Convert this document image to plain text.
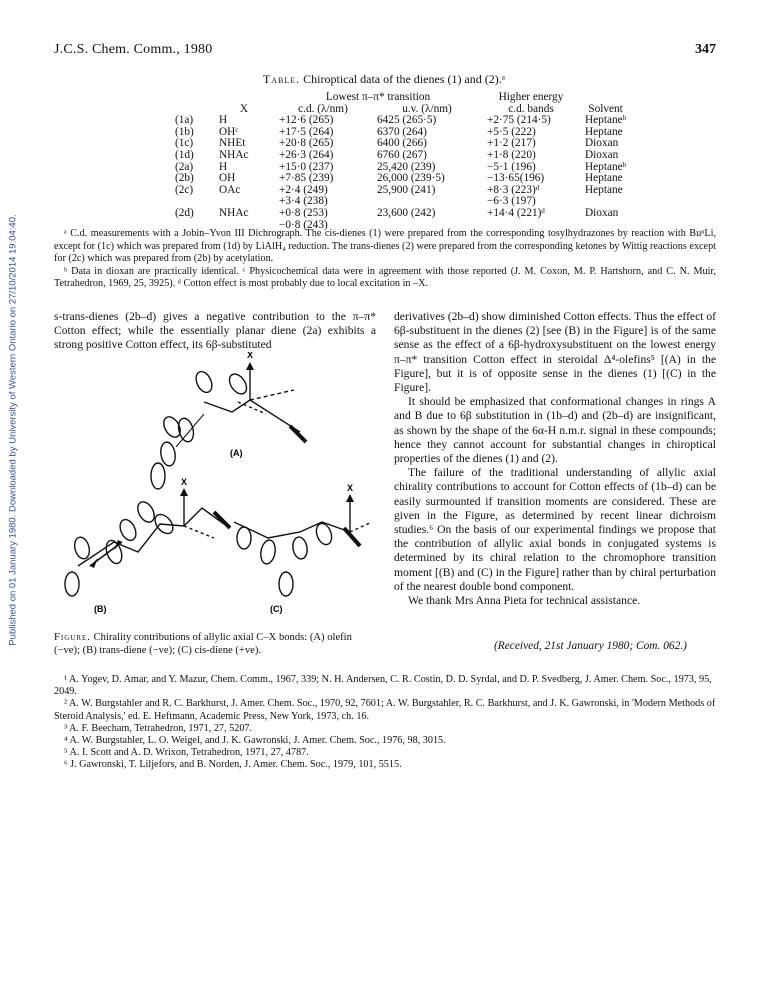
Published on 01 January 1980. Downloaded by University of Western Ontario on 27/10/2014 19:04:40.
J.C.S. Chem. Comm., 1980	347
Table. Chiroptical data of the dienes (1) and (2).ᵃ
		Lowest π–π* transition		Higher energy	
	X	c.d. (λ/nm)	u.v. (λ/nm)	c.d. bands	Solvent
(1a)	H	+12·6 (265)	6425 (265·5)	+2·75 (214·5)	Heptaneᵇ
(1b)	OHᶜ	+17·5 (264)	6370 (264)	+5·5 (222)	Heptane
(1c)	NHEt	+20·8 (265)	6400 (266)	+1·2 (217)	Dioxan
(1d)	NHAc	+26·3 (264)	6760 (267)	+1·8 (220)	Dioxan
(2a)	H	+15·0 (237)	25,420 (239)	−5·1 (196)	Heptaneᵇ
(2b)	OH	+7·85 (239)	26,000 (239·5)	−13·65(196)	Heptane
(2c)	OAc	+2·4 (249)	25,900 (241)	+8·3 (223)ᵈ	Heptane
		+3·4 (238)		−6·3 (197)	
(2d)	NHAc	+0·8 (253)	23,600 (242)	+14·4 (221)ᵈ	Dioxan
		−0·8 (243)			

ᵃ C.d. measurements with a Jobin–Yvon III Dichrograph. The cis-dienes (1) were prepared from the corresponding tosylhydrazones by reaction with BuⁿLi, except for (1c) which was prepared from (1d) by LiAlH₄ reduction. The trans-dienes (2) were prepared from the corresponding ketones by Wittig reactions except for (2c) which was prepared from (2b) by acetylation.

ᵇ Data in dioxan are practically identical. ᶜ Physicochemical data were in agreement with those reported (J. M. Coxon, M. P. Hartshorn, and C. N. Muir, Tetrahedron, 1969, 25, 3925). ᵈ Cotton effect is most probably due to local excitation in –X.

s-trans-dienes (2b–d) gives a negative contribution to the π–π* Cotton effect; while the essentially planar diene (2a) exhibits a strong positive Cotton effect, its 6β-substituted

X
X
X
(A)
(B)	(C)
Figure. Chirality contributions of allylic axial C–X bonds: (A) olefin (−ve); (B) trans-diene (−ve); (C) cis-diene (+ve).

derivatives (2b–d) show diminished Cotton effects. Thus the effect of 6β-substituent in the dienes (2) [see (B) in the Figure] is of the same sense as the effect of a 6β-hydroxysubstituent on the lowest energy π–π* transition Cotton effect in steroidal Δ⁴-olefins⁵ [(A) in the Figure], but it is of opposite sense in the dienes (1) [(C) in the Figure].

It should be emphasized that conformational changes in rings A and B due to 6β substitution in (1b–d) and (2b–d) are insignificant, as shown by the shape of the 6α-H n.m.r. signal in these compounds; hence they cannot account for substantial changes in chiroptical properties of the dienes (1) and (2).

The failure of the traditional understanding of allylic axial chirality contributions to account for Cotton effects of (1b–d) can be easily surmounted if transition moments are considered. These are given in the Figure, as determined by recent linear dichroism studies.⁶ On the basis of our experimental findings we propose that the contribution of allylic axial bonds in conjugated systems is determined by its chiral relation to the chromophore transition moment [(B) and (C) in the Figure] rather than by chiral perturbation of the nearest double bond component.

We thank Mrs Anna Pieta for technical assistance.

(Received, 21st January 1980; Com. 062.)

¹ A. Yogev, D. Amar, and Y. Mazur, Chem. Comm., 1967, 339; N. H. Andersen, C. R. Costin, D. D. Syrdal, and D. P. Svedberg, J. Amer. Chem. Soc., 1973, 95, 2049.

² A. W. Burgstahler and R. C. Barkhurst, J. Amer. Chem. Soc., 1970, 92, 7601; A. W. Burgstahler, R. C. Barkhurst, and J. K. Gawronski, in 'Modern Methods of Steroid Analysis,' ed. E. Heftmann, Academic Press, New York, 1973, ch. 16.

³ A. F. Beecham, Tetrahedron, 1971, 27, 5207.

⁴ A. W. Burgstahler, L. O. Weigel, and J. K. Gawronski, J. Amer. Chem. Soc., 1976, 98, 3015.

⁵ A. I. Scott and A. D. Wrixon, Tetrahedron, 1971, 27, 4787.

⁶ J. Gawronski, T. Liljefors, and B. Norden, J. Amer. Chem. Soc., 1979, 101, 5515.
